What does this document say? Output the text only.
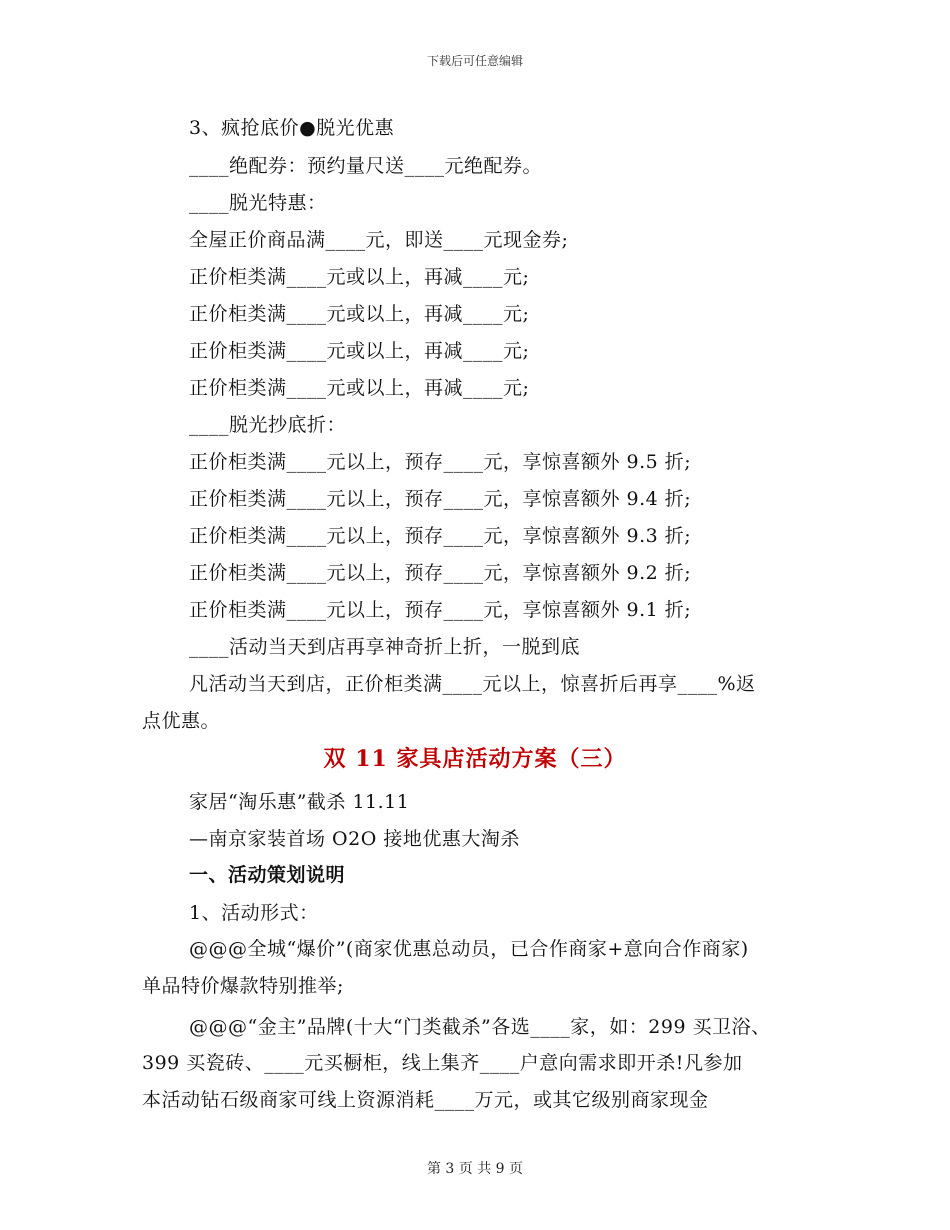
下载后可任意编辑
3、疯抢底价●脱光优惠
____绝配券：预约量尺送____元绝配券。
____脱光特惠：
全屋正价商品满____元，即送____元现金券;
正价柜类满____元或以上，再减____元;
正价柜类满____元或以上，再减____元;
正价柜类满____元或以上，再减____元;
正价柜类满____元或以上，再减____元;
____脱光抄底折：
正价柜类满____元以上，预存____元，享惊喜额外 9.5 折;
正价柜类满____元以上，预存____元，享惊喜额外 9.4 折;
正价柜类满____元以上，预存____元，享惊喜额外 9.3 折;
正价柜类满____元以上，预存____元，享惊喜额外 9.2 折;
正价柜类满____元以上，预存____元，享惊喜额外 9.1 折;
____活动当天到店再享神奇折上折，一脱到底
凡活动当天到店，正价柜类满____元以上，惊喜折后再享____%返
点优惠。
双 11 家具店活动方案（三）
家居“淘乐惠”截杀 11.11
—南京家装首场 O2O 接地优惠大淘杀
一、活动策划说明
1、活动形式：
@@@全城“爆价”(商家优惠总动员，已合作商家+意向合作商家)
单品特价爆款特别推举;
@@@“金主”品牌(十大“门类截杀”各选____家，如：299 买卫浴、
399 买瓷砖、____元买橱柜，线上集齐____户意向需求即开杀!凡参加
本活动钻石级商家可线上资源消耗____万元，或其它级别商家现金
第 3 页 共 9 页
